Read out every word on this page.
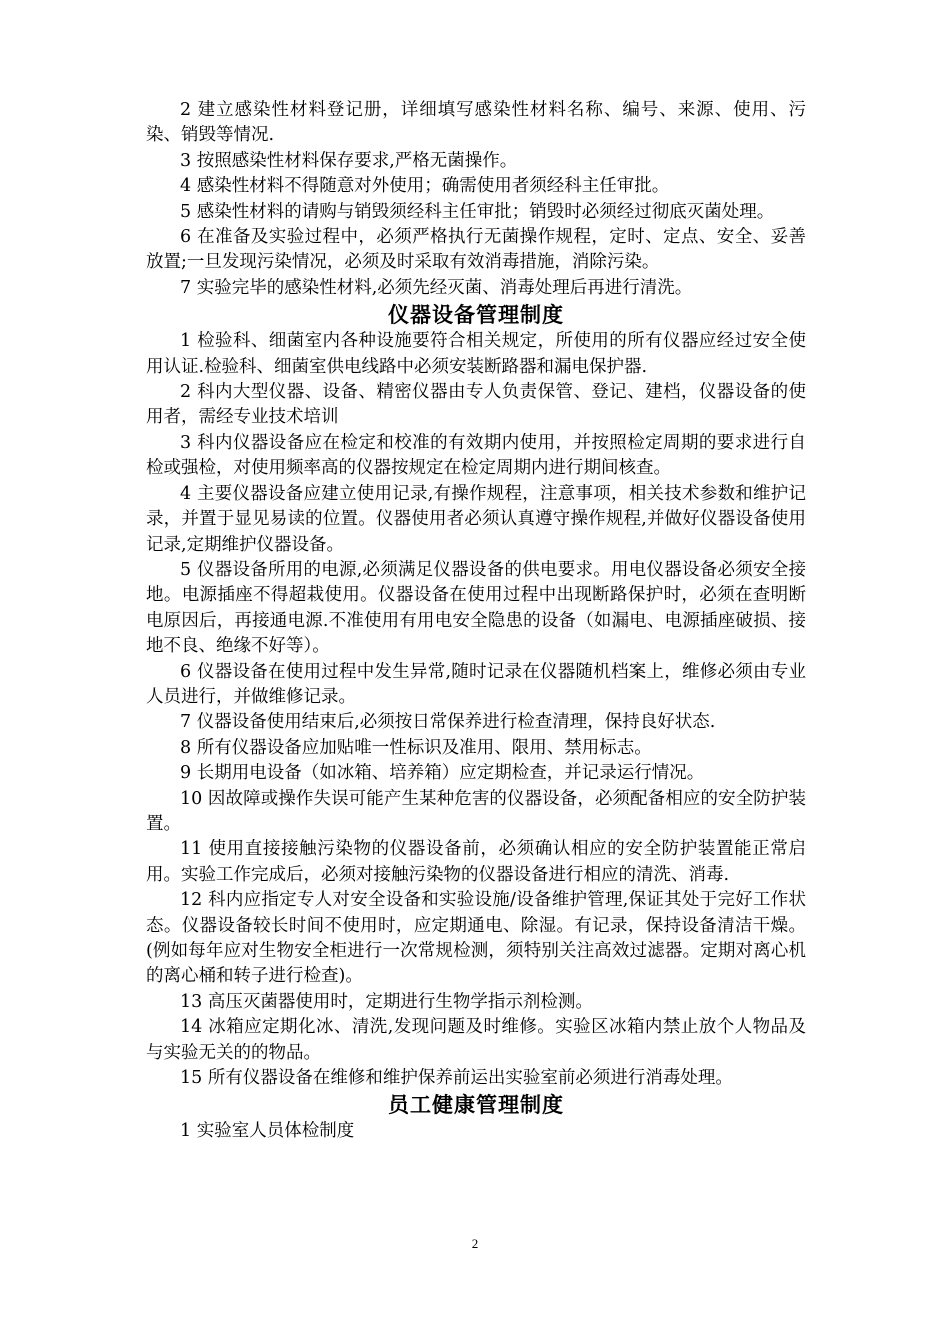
2 建立感染性材料登记册，详细填写感染性材料名称、编号、来源、使用、污染、销毁等情况.

3 按照感染性材料保存要求,严格无菌操作。

4 感染性材料不得随意对外使用；确需使用者须经科主任审批。

5 感染性材料的请购与销毁须经科主任审批；销毁时必须经过彻底灭菌处理。

6 在准备及实验过程中，必须严格执行无菌操作规程，定时、定点、安全、妥善放置;一旦发现污染情况，必须及时采取有效消毒措施，消除污染。

7 实验完毕的感染性材料,必须先经灭菌、消毒处理后再进行清洗。

仪器设备管理制度

1 检验科、细菌室内各种设施要符合相关规定，所使用的所有仪器应经过安全使用认证.检验科、细菌室供电线路中必须安装断路器和漏电保护器.

2 科内大型仪器、设备、精密仪器由专人负责保管、登记、建档，仪器设备的使用者，需经专业技术培训

3 科内仪器设备应在检定和校准的有效期内使用，并按照检定周期的要求进行自检或强检，对使用频率高的仪器按规定在检定周期内进行期间核查。

4 主要仪器设备应建立使用记录,有操作规程，注意事项，相关技术参数和维护记录，并置于显见易读的位置。仪器使用者必须认真遵守操作规程,并做好仪器设备使用记录,定期维护仪器设备。

5 仪器设备所用的电源,必须满足仪器设备的供电要求。用电仪器设备必须安全接地。电源插座不得超栽使用。仪器设备在使用过程中出现断路保护时，必须在查明断电原因后，再接通电源.不准使用有用电安全隐患的设备（如漏电、电源插座破损、接地不良、绝缘不好等）。

6 仪器设备在使用过程中发生异常,随时记录在仪器随机档案上，维修必须由专业人员进行，并做维修记录。

7 仪器设备使用结束后,必须按日常保养进行检查清理，保持良好状态.

8 所有仪器设备应加贴唯一性标识及准用、限用、禁用标志。

9 长期用电设备（如冰箱、培养箱）应定期检查，并记录运行情况。

10 因故障或操作失误可能产生某种危害的仪器设备，必须配备相应的安全防护装置。

11 使用直接接触污染物的仪器设备前，必须确认相应的安全防护装置能正常启用。实验工作完成后，必须对接触污染物的仪器设备进行相应的清洗、消毒.

12 科内应指定专人对安全设备和实验设施/设备维护管理,保证其处于完好工作状态。仪器设备较长时间不使用时，应定期通电、除湿。有记录，保持设备清洁干燥。(例如每年应对生物安全柜进行一次常规检测，须特别关注高效过滤器。定期对离心机的离心桶和转子进行检查)。

13 高压灭菌器使用时，定期进行生物学指示剂检测。

14 冰箱应定期化冰、清洗,发现问题及时维修。实验区冰箱内禁止放个人物品及与实验无关的的物品。

15 所有仪器设备在维修和维护保养前运出实验室前必须进行消毒处理。

员工健康管理制度

1 实验室人员体检制度

2
